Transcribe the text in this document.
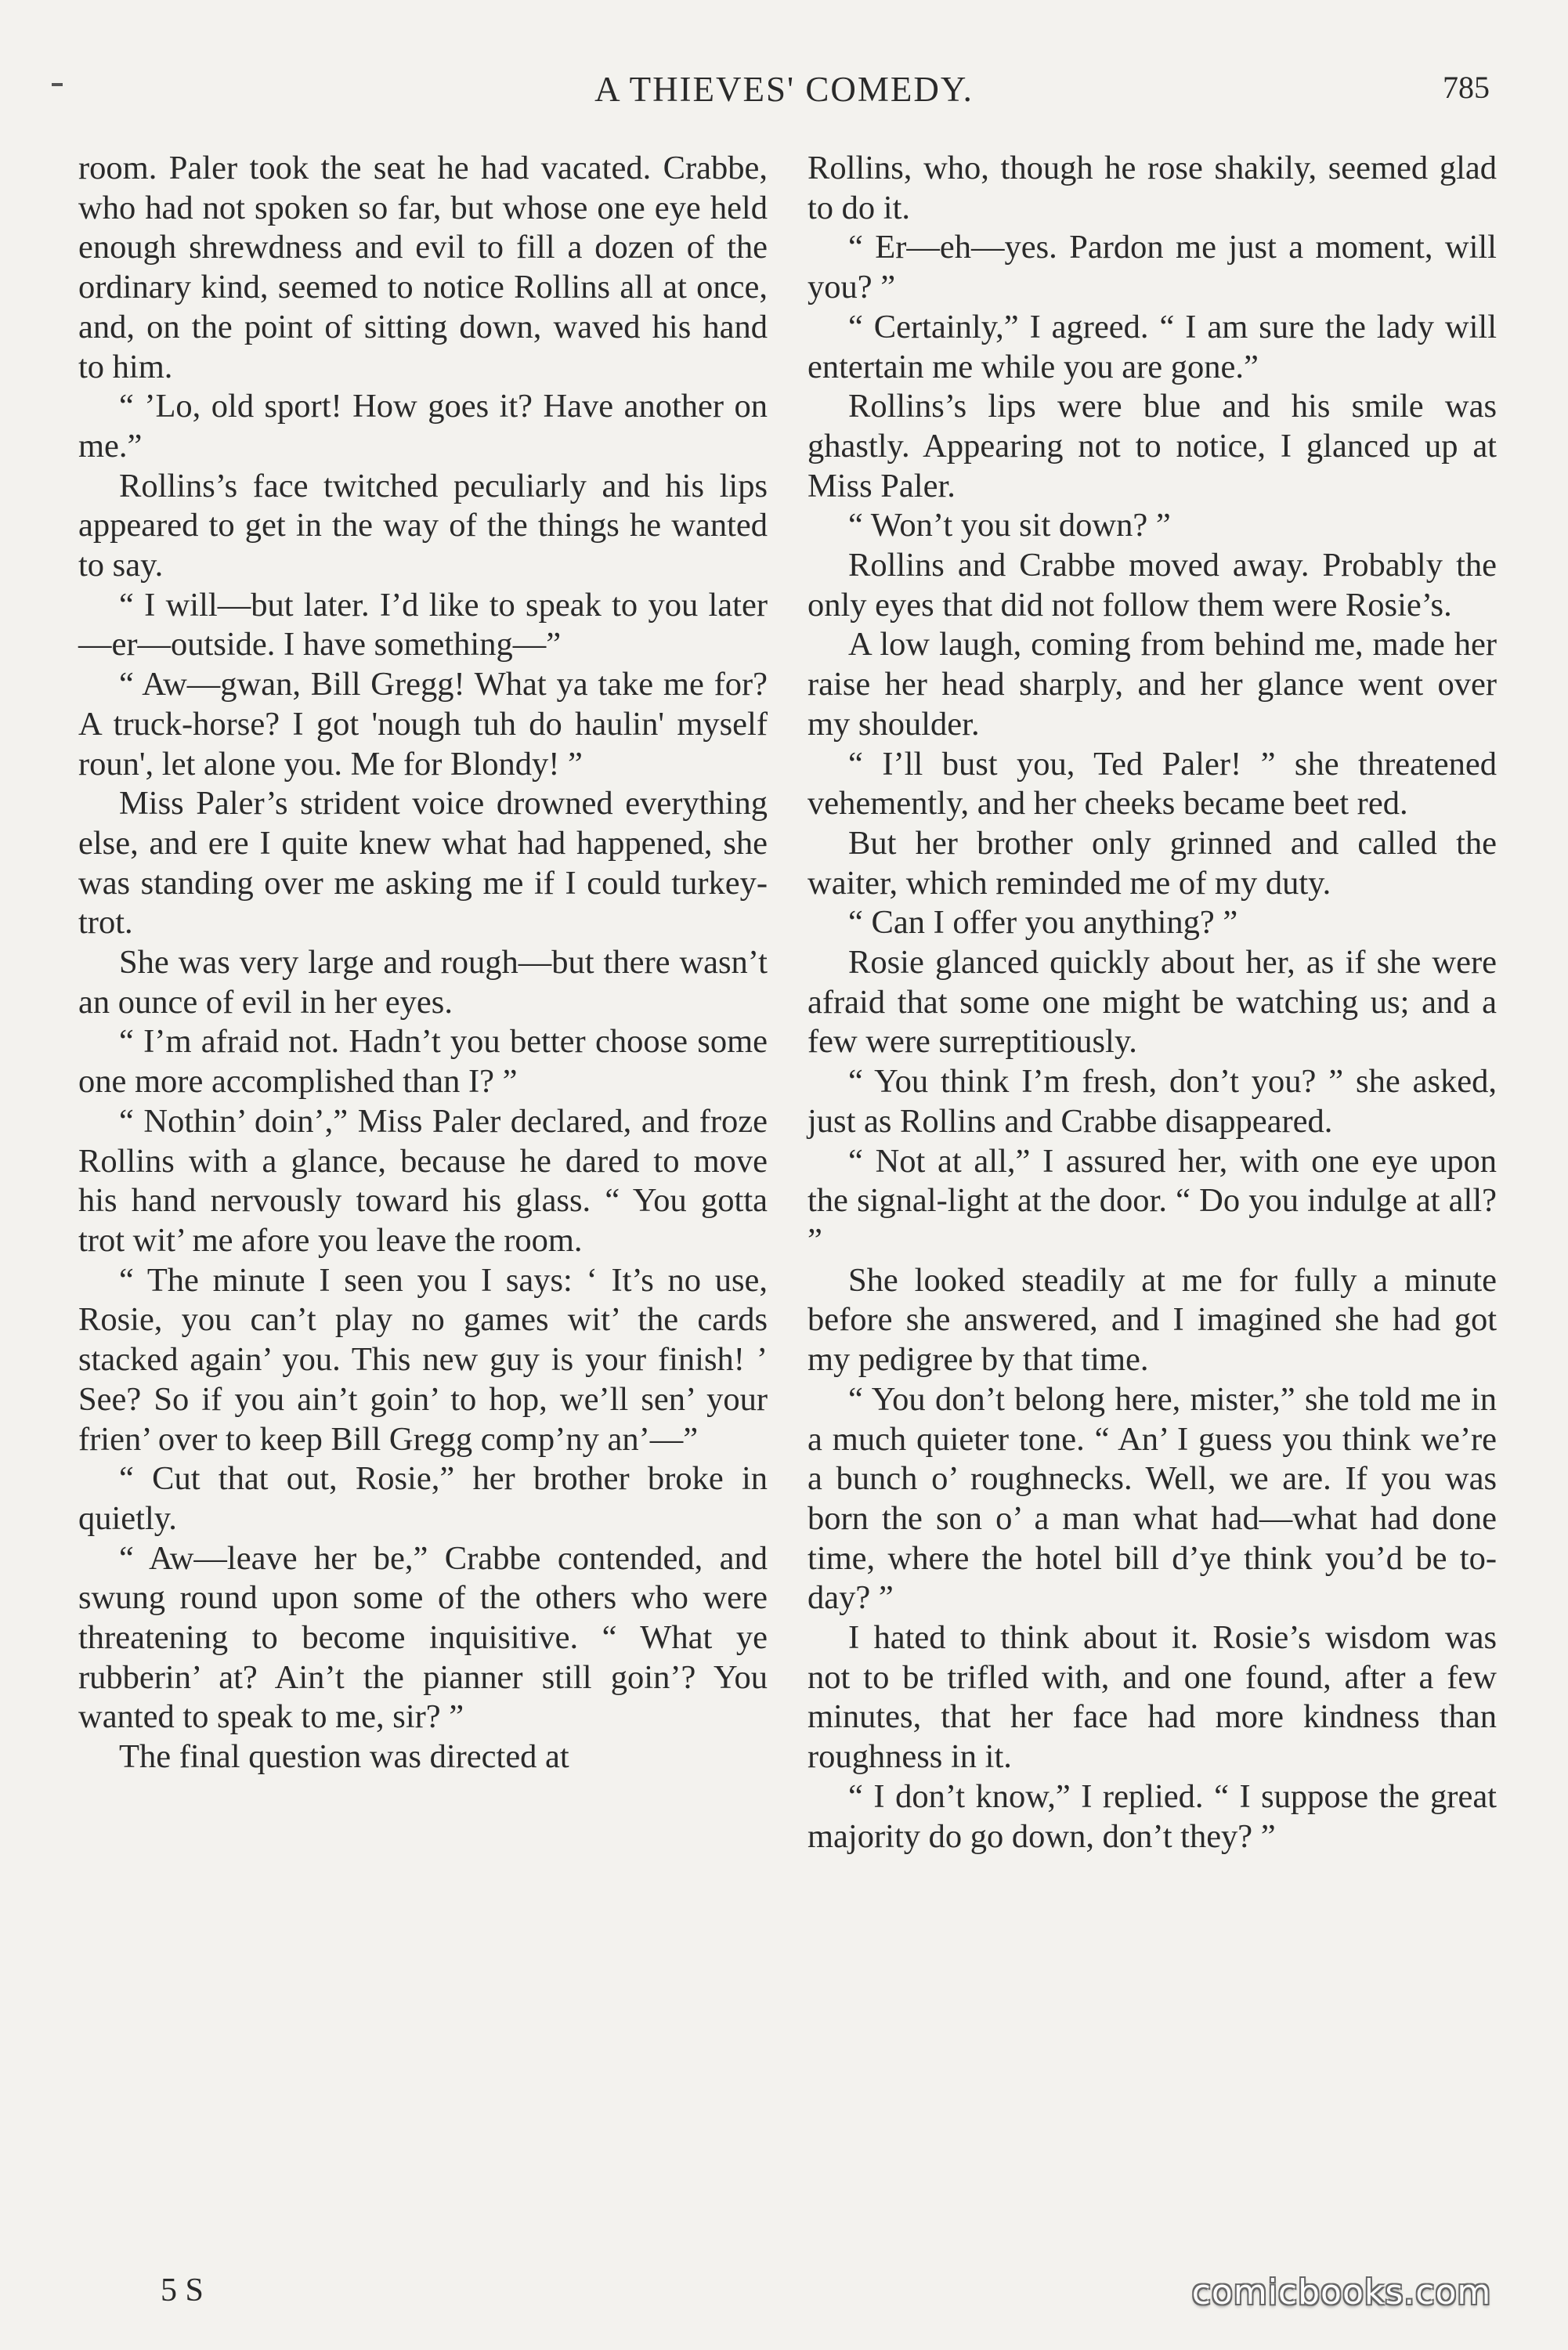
A THIEVES' COMEDY.	785

room. Paler took the seat he had vacated. Crabbe, who had not spoken so far, but whose one eye held enough shrewdness and evil to fill a dozen of the ordinary kind, seemed to notice Rollins all at once, and, on the point of sitting down, waved his hand to him.

“ ’Lo, old sport! How goes it? Have another on me.”

Rollins’s face twitched peculiarly and his lips appeared to get in the way of the things he wanted to say.

“ I will—but later. I’d like to speak to you later—er—outside. I have something—”

“ Aw—gwan, Bill Gregg! What ya take me for? A truck-horse? I got 'nough tuh do haulin' myself roun', let alone you. Me for Blondy! ”

Miss Paler’s strident voice drowned everything else, and ere I quite knew what had happened, she was standing over me asking me if I could turkey-trot.

She was very large and rough—but there wasn’t an ounce of evil in her eyes.

“ I’m afraid not. Hadn’t you better choose some one more accomplished than I? ”

“ Nothin’ doin’,” Miss Paler declared, and froze Rollins with a glance, because he dared to move his hand nervously toward his glass. “ You gotta trot wit’ me afore you leave the room.

“ The minute I seen you I says: ‘ It’s no use, Rosie, you can’t play no games wit’ the cards stacked again’ you. This new guy is your finish! ’ See? So if you ain’t goin’ to hop, we’ll sen’ your frien’ over to keep Bill Gregg comp’ny an’—”

“ Cut that out, Rosie,” her brother broke in quietly.

“ Aw—leave her be,” Crabbe contended, and swung round upon some of the others who were threatening to become inquisitive. “ What ye rubberin’ at? Ain’t the pianner still goin’? You wanted to speak to me, sir? ”

The final question was directed at

Rollins, who, though he rose shakily, seemed glad to do it.

“ Er—eh—yes. Pardon me just a moment, will you? ”

“ Certainly,” I agreed. “ I am sure the lady will entertain me while you are gone.”

Rollins’s lips were blue and his smile was ghastly. Appearing not to notice, I glanced up at Miss Paler.

“ Won’t you sit down? ”

Rollins and Crabbe moved away. Probably the only eyes that did not follow them were Rosie’s.

A low laugh, coming from behind me, made her raise her head sharply, and her glance went over my shoulder.

“ I’ll bust you, Ted Paler! ” she threatened vehemently, and her cheeks became beet red.

But her brother only grinned and called the waiter, which reminded me of my duty.

“ Can I offer you anything? ”

Rosie glanced quickly about her, as if she were afraid that some one might be watching us; and a few were surreptitiously.

“ You think I’m fresh, don’t you? ” she asked, just as Rollins and Crabbe disappeared.

“ Not at all,” I assured her, with one eye upon the signal-light at the door. “ Do you indulge at all? ”

She looked steadily at me for fully a minute before she answered, and I imagined she had got my pedigree by that time.

“ You don’t belong here, mister,” she told me in a much quieter tone. “ An’ I guess you think we’re a bunch o’ roughnecks. Well, we are. If you was born the son o’ a man what had—what had done time, where the hotel bill d’ye think you’d be to-day? ”

I hated to think about it. Rosie’s wisdom was not to be trifled with, and one found, after a few minutes, that her face had more kindness than roughness in it.

“ I don’t know,” I replied. “ I suppose the great majority do go down, don’t they? ”

5 S	comicbooks.com
